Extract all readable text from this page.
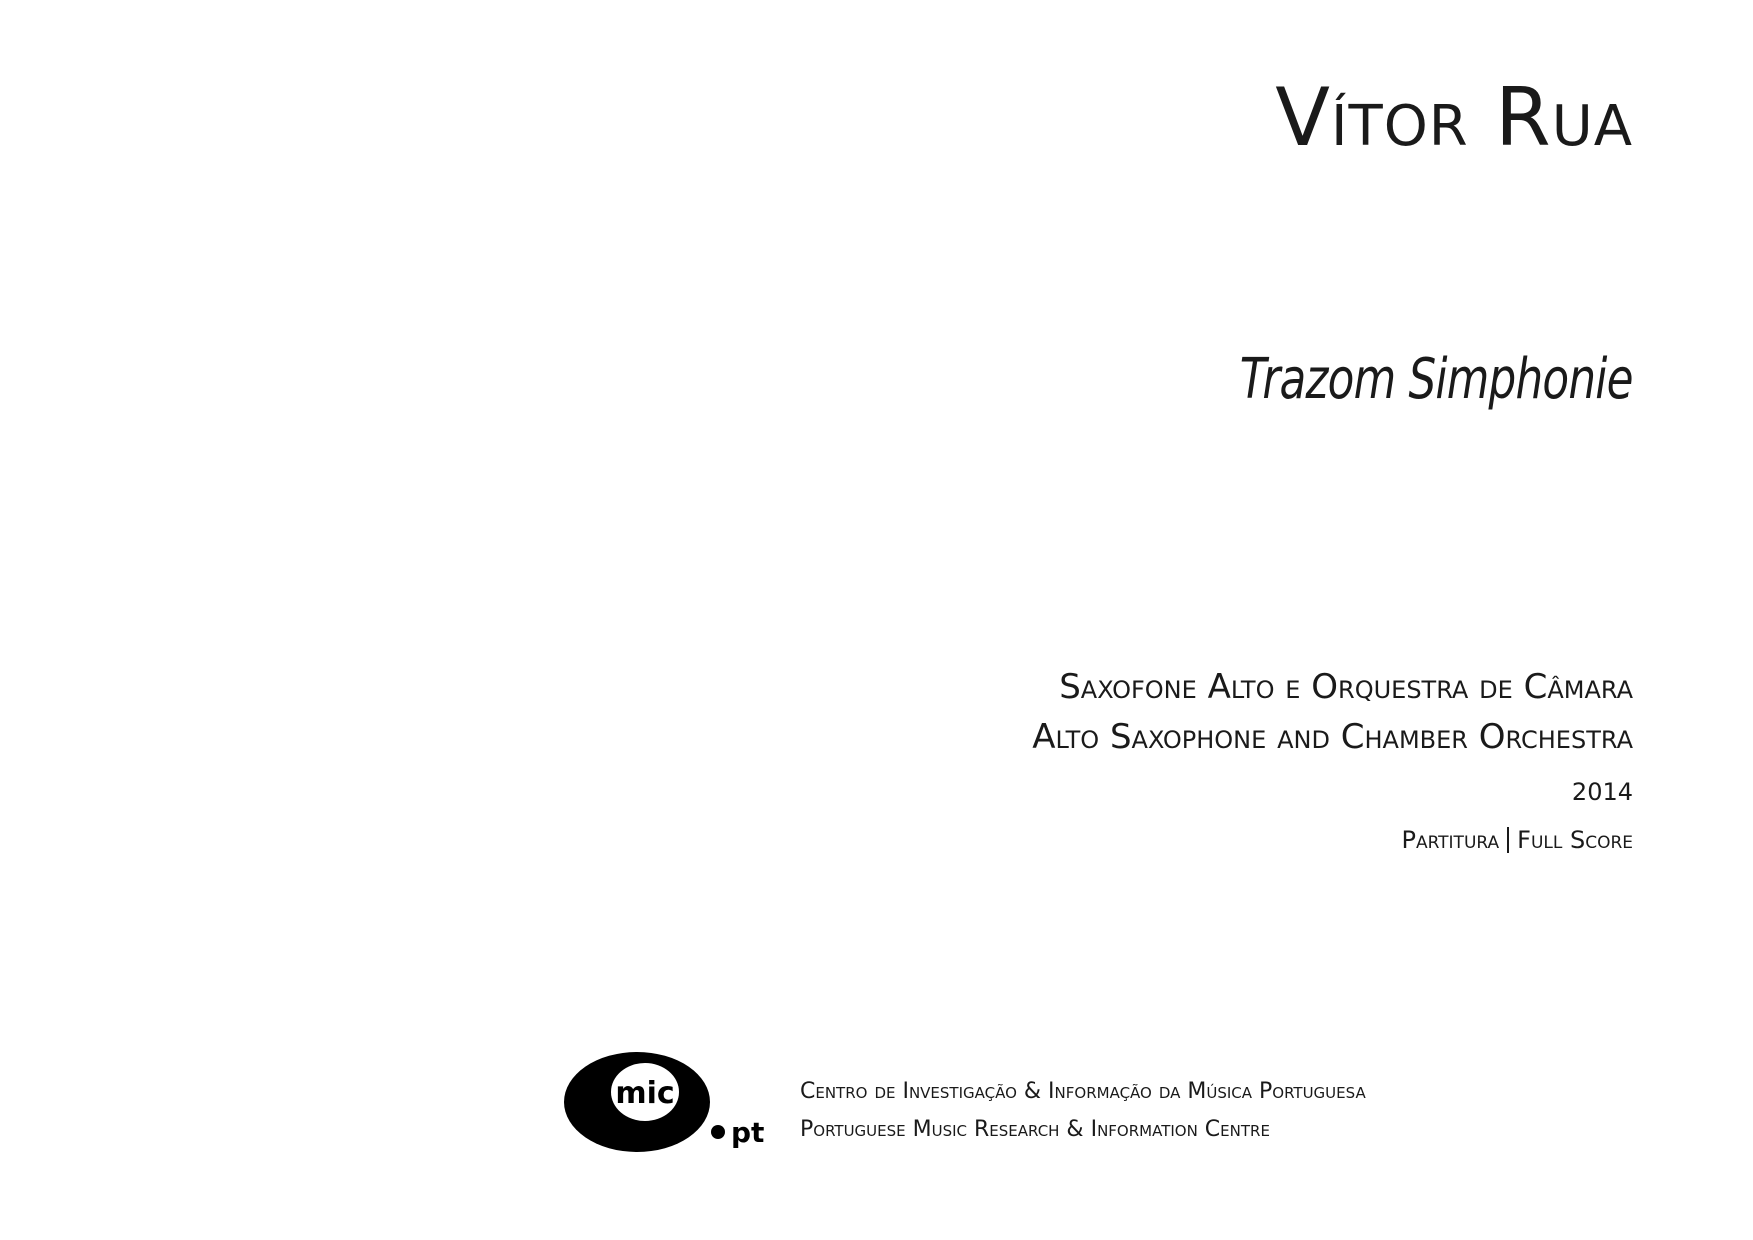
Vítor Rua
Trazom Simphonie
Saxofone Alto e Orquestra de Câmara
Alto Saxophone and Chamber Orchestra
2014
Partitura Full Score
mic
pt
Centro de Investigação & Informação da Música Portuguesa
Portuguese Music Research & Information Centre
